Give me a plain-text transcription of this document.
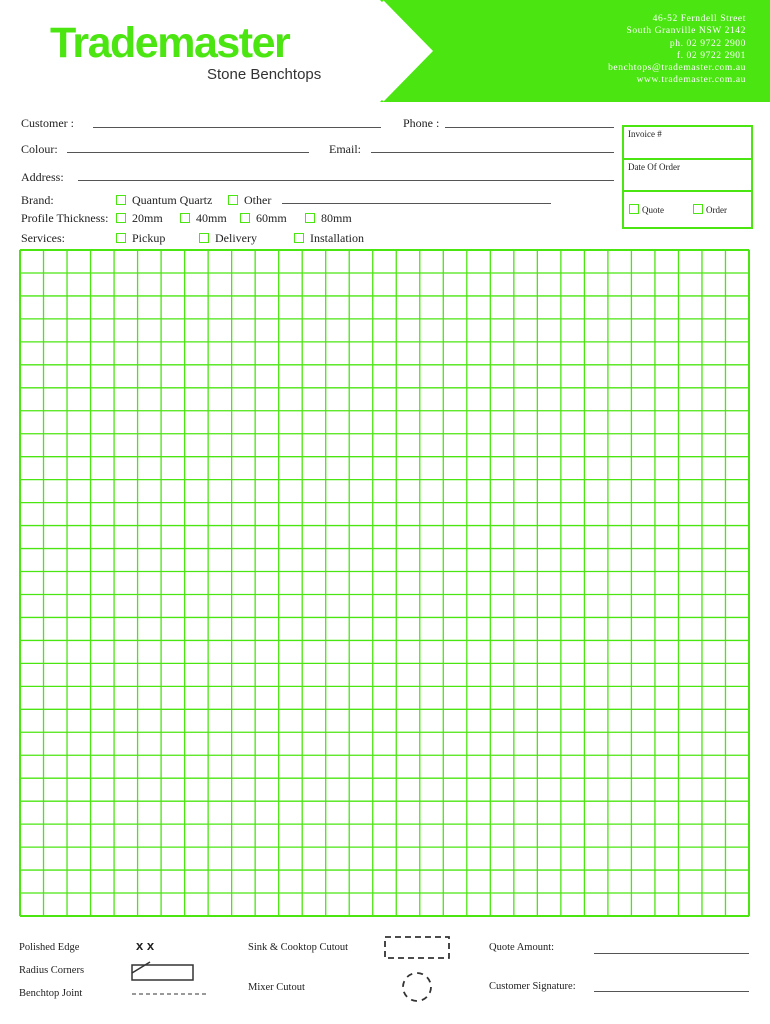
Trademaster
Stone Benchtops
46-52 Ferndell Street
South Granville NSW 2142
ph. 02 9722 2900
f. 02 9722 2901
benchtops@trademaster.com.au
www.trademaster.com.au
Customer :	Phone :
Colour:	Email:
Address:
Brand:	Quantum Quartz	Other
Profile Thickness:	20mm	40mm	60mm	80mm
Services:	Pickup	Delivery	Installation
Invoice #
Date Of Order
Quote	Order
Polished Edge	x x
Radius Corners
Benchtop Joint
Sink & Cooktop Cutout
Mixer Cutout
Quote Amount:
Customer Signature:
